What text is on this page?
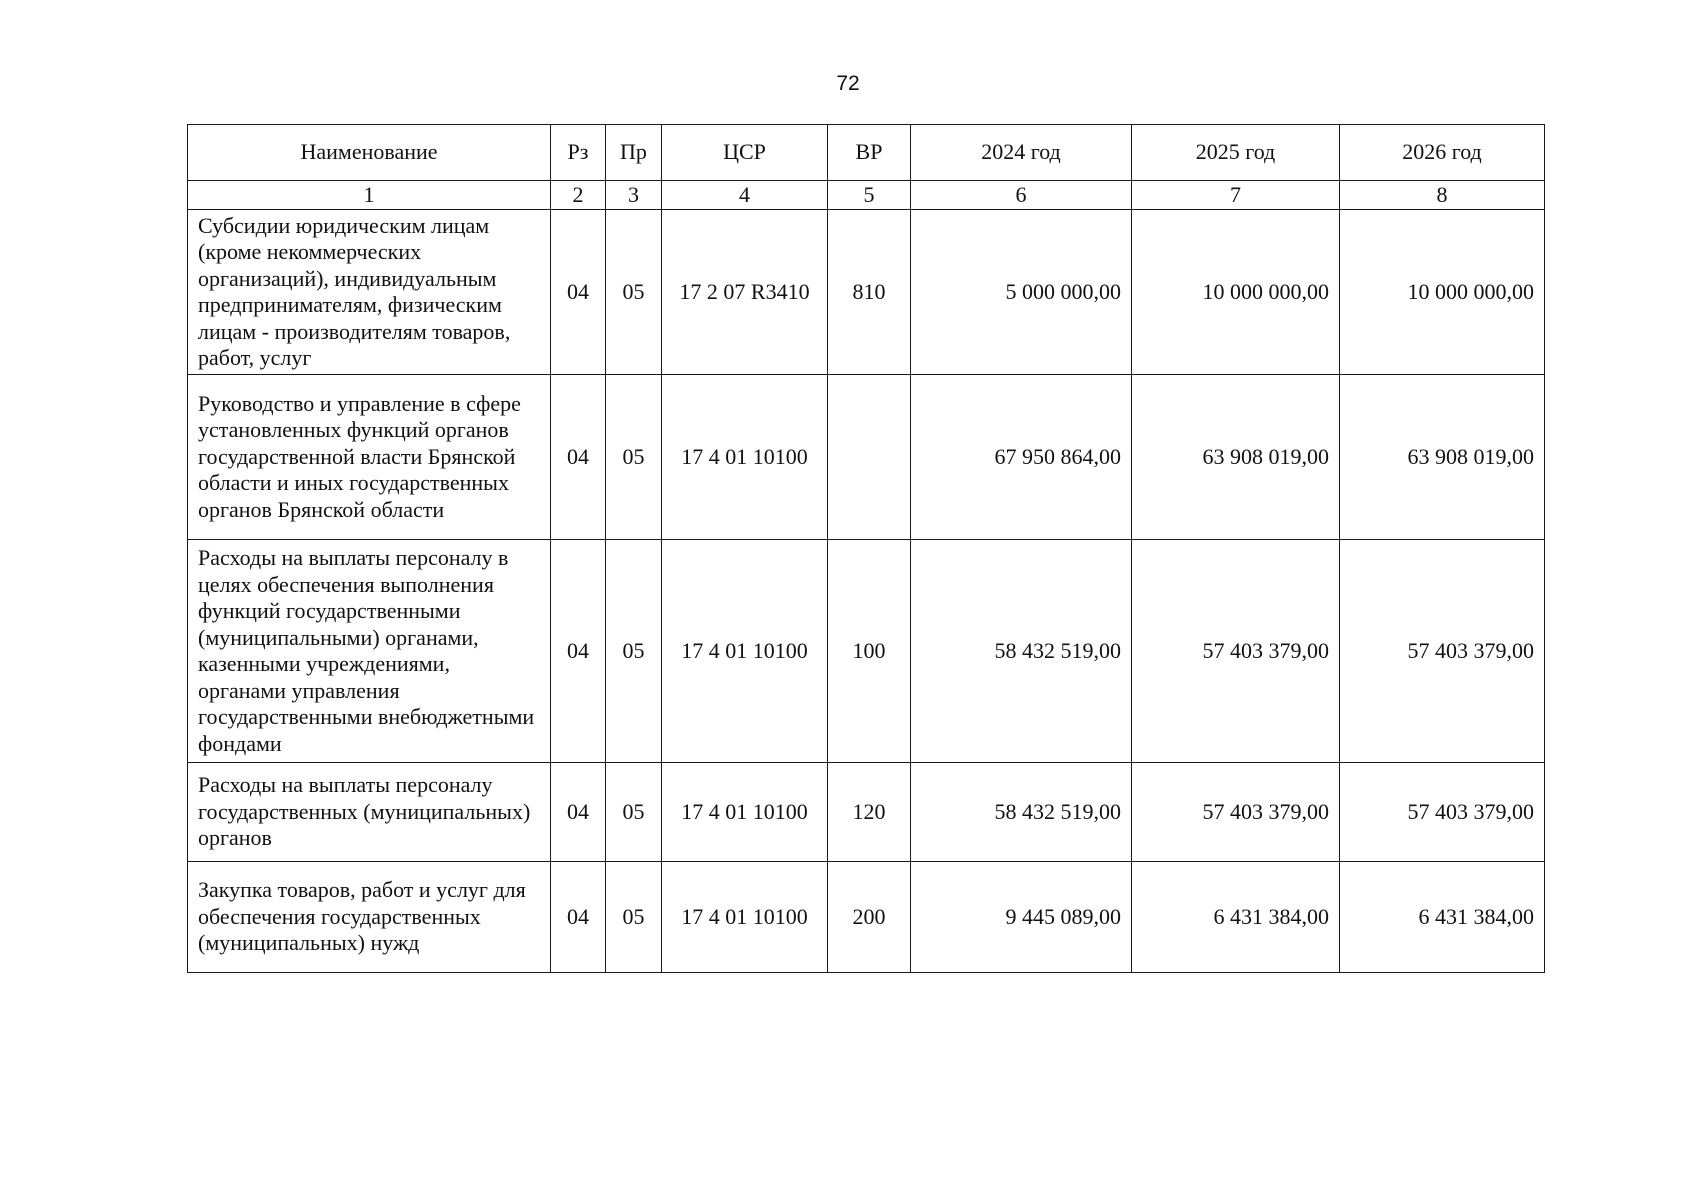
72
Наименование	Рз	Пр	ЦСР	ВР	2024 год	2025 год	2026 год
1	2	3	4	5	6	7	8
Субсидии юридическим лицам (кроме некоммерческих организаций), индивидуальным предпринимателям, физическим лицам - производителям товаров, работ, услуг	04	05	17 2 07 R3410	810	5 000 000,00	10 000 000,00	10 000 000,00
Руководство и управление в сфере установленных функций органов государственной власти Брянской области и иных государственных органов Брянской области	04	05	17 4 01 10100		67 950 864,00	63 908 019,00	63 908 019,00
Расходы на выплаты персоналу в целях обеспечения выполнения функций государственными (муниципальными) органами, казенными учреждениями, органами управления государственными внебюджетными фондами	04	05	17 4 01 10100	100	58 432 519,00	57 403 379,00	57 403 379,00
Расходы на выплаты персоналу государственных (муниципальных) органов	04	05	17 4 01 10100	120	58 432 519,00	57 403 379,00	57 403 379,00
Закупка товаров, работ и услуг для обеспечения государственных (муниципальных) нужд	04	05	17 4 01 10100	200	9 445 089,00	6 431 384,00	6 431 384,00
